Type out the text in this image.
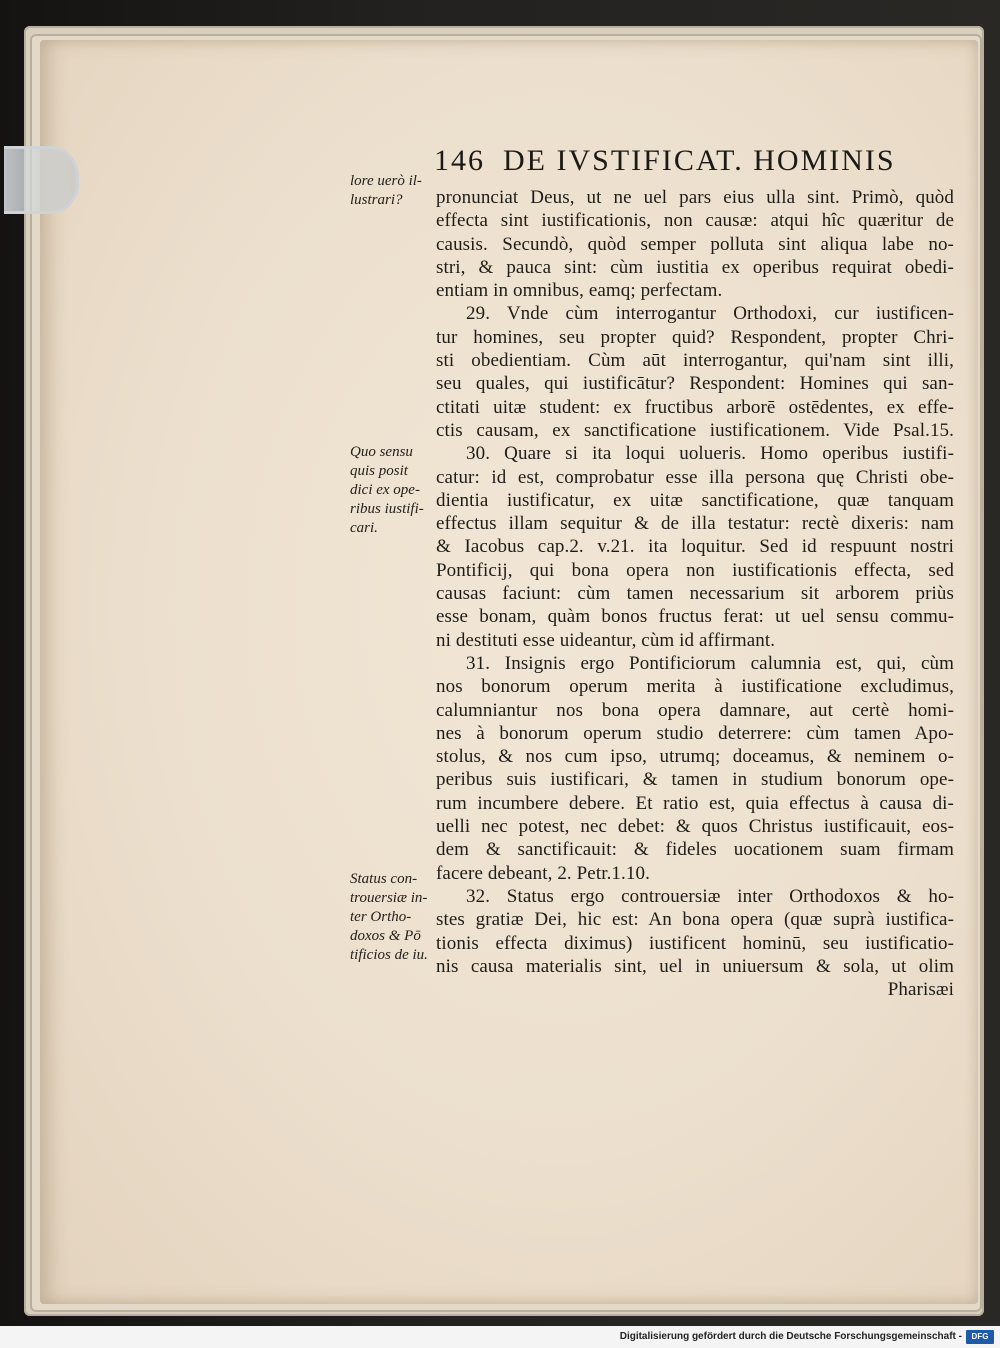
146 DE IVSTIFICAT. HOMINIS
lore uerò il-
lustrari?
Quo sensu
quis posit
dici ex ope-
ribus iustifi-
cari.
Status con-
trouersiæ in-
ter Ortho-
doxos & Pō
tificios de iu.
pronunciat Deus, ut ne uel pars eius ulla sint. Primò, quòd
effecta sint iustificationis, non causæ: atqui hîc quæritur de
causis. Secundò, quòd semper polluta sint aliqua labe no-
stri, & pauca sint: cùm iustitia ex operibus requirat obedi-
entiam in omnibus, eamq; perfectam.
29. Vnde cùm interrogantur Orthodoxi, cur iustificen-
tur homines, seu propter quid? Respondent, propter Chri-
sti obedientiam. Cùm aūt interrogantur, qui'nam sint illi,
seu quales, qui iustificātur? Respondent: Homines qui san-
ctitati uitæ student: ex fructibus arborē ostēdentes, ex effe-
ctis causam, ex sanctificatione iustificationem. Vide Psal.15.
30. Quare si ita loqui uolueris. Homo operibus iustifi-
catur: id est, comprobatur esse illa persona quę Christi obe-
dientia iustificatur, ex uitæ sanctificatione, quæ tanquam
effectus illam sequitur & de illa testatur: rectè dixeris: nam
& Iacobus cap.2. v.21. ita loquitur. Sed id respuunt nostri
Pontificij, qui bona opera non iustificationis effecta, sed
causas faciunt: cùm tamen necessarium sit arborem priùs
esse bonam, quàm bonos fructus ferat: ut uel sensu commu-
ni destituti esse uideantur, cùm id affirmant.
31. Insignis ergo Pontificiorum calumnia est, qui, cùm
nos bonorum operum merita à iustificatione excludimus,
calumniantur nos bona opera damnare, aut certè homi-
nes à bonorum operum studio deterrere: cùm tamen Apo-
stolus, & nos cum ipso, utrumq; doceamus, & neminem o-
peribus suis iustificari, & tamen in studium bonorum ope-
rum incumbere debere. Et ratio est, quia effectus à causa di-
uelli nec potest, nec debet: & quos Christus iustificauit, eos-
dem & sanctificauit: & fideles uocationem suam firmam
facere debeant, 2. Petr.1.10.
32. Status ergo controuersiæ inter Orthodoxos & ho-
stes gratiæ Dei, hic est: An bona opera (quæ suprà iustifica-
tionis effecta diximus) iustificent hominū, seu iustificatio-
nis causa materialis sint, uel in uniuersum & sola, ut olim
Pharisæi
Digitalisierung gefördert durch die Deutsche Forschungsgemeinschaft -	DFG
